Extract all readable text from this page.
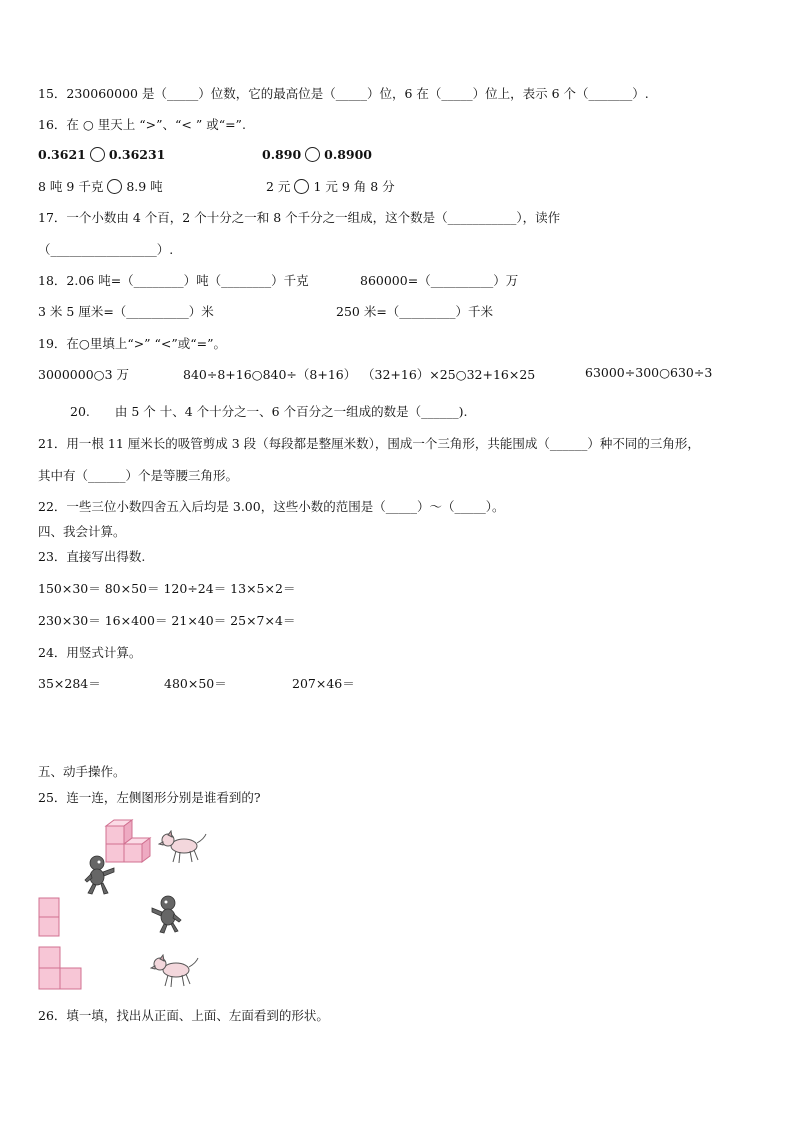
15．230060000 是（_____）位数，它的最高位是（_____）位，6 在（_____）位上，表示 6 个（_______）.
16．在 ○ 里天上 “>”、“< ” 或“=”.
0.3621 0.36231	0.890 0.8900
8 吨 9 千克 8.9 吨	2 元 1 元 9 角 8 分
17．一个小数由 4 个百，2 个十分之一和 8 个千分之一组成，这个数是（___________），读作
（_________________）.
18．2.06 吨=（________）吨（________）千克	860000=（__________）万
3 米 5 厘米=（__________）米	250 米=（_________）千米
19．在○里填上“>” “<”或“=”。
3000000○3 万	840÷8+16○840÷（8+16） （32+16）×25○32+16×25	63000÷300○630÷3
20.　　由 5 个 十、4 个十分之一、6 个百分之一组成的数是（______).
21．用一根 11 厘米长的吸管剪成 3 段（每段都是整厘米数），围成一个三角形，共能围成（______）种不同的三角形，
其中有（______）个是等腰三角形。
22．一些三位小数四舍五入后均是 3.00，这些小数的范围是（_____）～（_____）。
四、我会计算。
23．直接写出得数.
150×30＝ 80×50＝ 120÷24＝ 13×5×2＝
230×30＝ 16×400＝ 21×40＝ 25×7×4＝
24．用竖式计算。
35×284＝	480×50＝	207×46＝
五、动手操作。
25．连一连，左侧图形分别是谁看到的?
26．填一填，找出从正面、上面、左面看到的形状。
